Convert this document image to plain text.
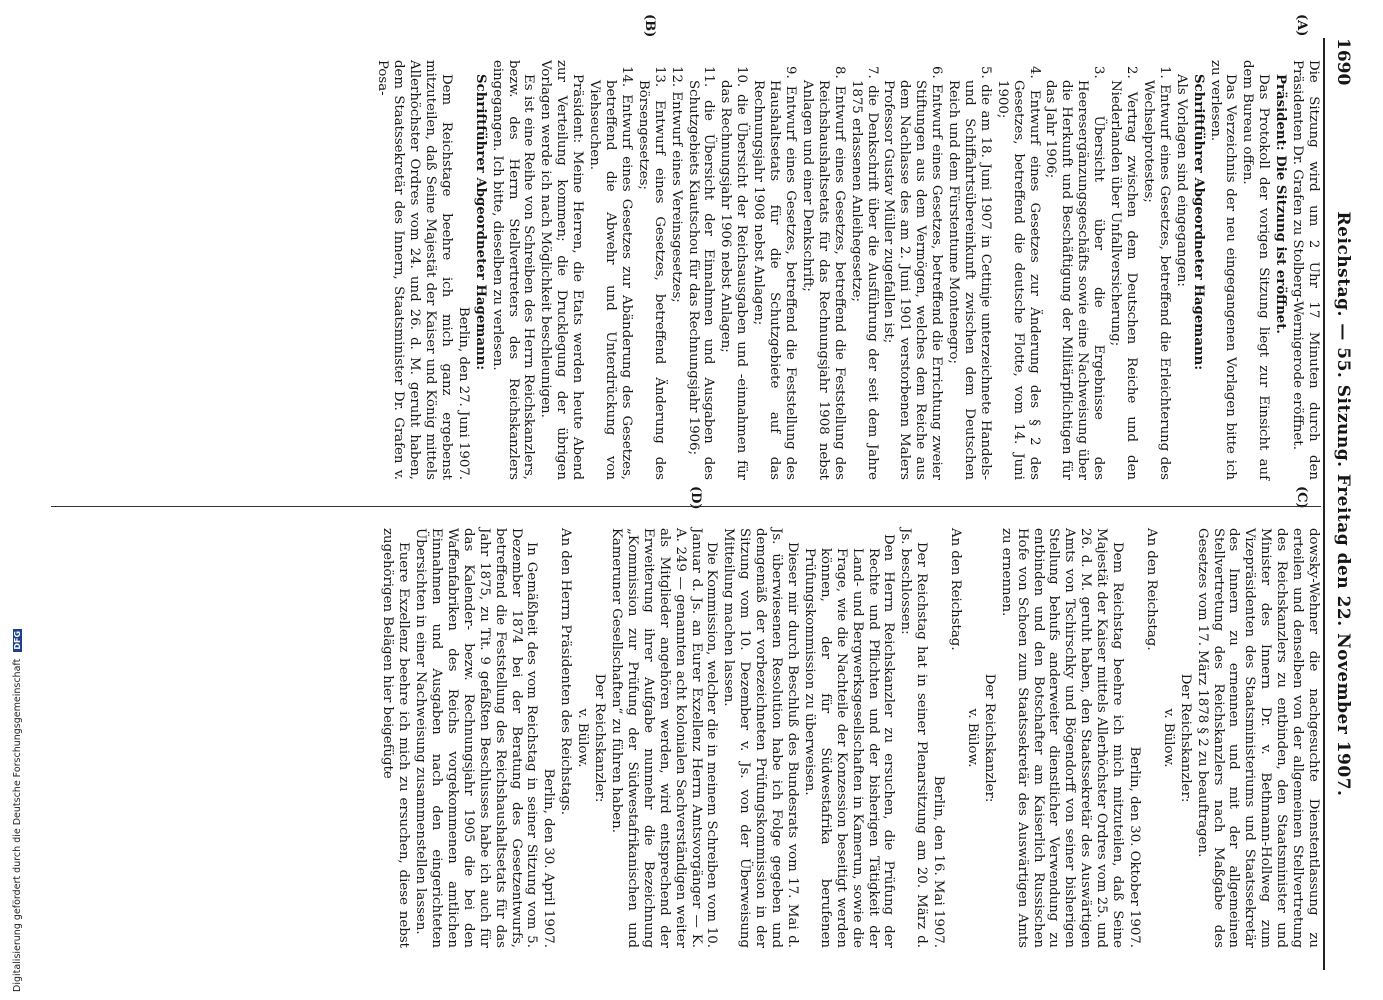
1690
Reichstag. — 55. Sitzung. Freitag den 22. November 1907.
(A)
(B)
(C)
(D)

Die Sitzung wird um 2 Uhr 17 Minuten durch den Präsidenten Dr. Grafen zu Stolberg-Wernigerode eröffnet.

Präsident: Die Sitzung ist eröffnet.

Das Protokoll der vorigen Sitzung liegt zur Einsicht auf dem Bureau offen.

Das Verzeichnis der neu eingegangenen Vorlagen bitte ich zu verlesen.

Schriftführer Abgeordneter Hagemann:

Als Vorlagen sind eingegangen:

1. Entwurf eines Gesetzes, betreffend die Erleichterung des Wechselprotestes;

2. Vertrag zwischen dem Deutschen Reiche und den Niederlanden über Unfallversicherung;

3. Übersicht über die Ergebnisse des Heeresergänzungsgeschäfts sowie eine Nachweisung über die Herkunft und Beschäftigung der Militärpflichtigen für das Jahr 1906;

4. Entwurf eines Gesetzes zur Änderung des § 2 des Gesetzes, betreffend die deutsche Flotte, vom 14. Juni 1900;

5. die am 18. Juni 1907 in Cettinje unterzeichnete Handels- und Schiffahrtsübereinkunft zwischen dem Deutschen Reich und dem Fürstentume Montenegro;

6. Entwurf eines Gesetzes, betreffend die Errichtung zweier Stiftungen aus dem Vermögen, welches dem Reiche aus dem Nachlasse des am 2. Juni 1901 verstorbenen Malers Professor Gustav Müller zugefallen ist;

7. die Denkschrift über die Ausführung der seit dem Jahre 1875 erlassenen Anleihegesetze;

8. Entwurf eines Gesetzes, betreffend die Feststellung des Reichshaushaltsetats für das Rechnungsjahr 1908 nebst Anlagen und einer Denkschrift;

9. Entwurf eines Gesetzes, betreffend die Feststellung des Haushaltsetats für die Schutzgebiete auf das Rechnungsjahr 1908 nebst Anlagen;

10. die Übersicht der Reichsausgaben und -einnahmen für das Rechnungsjahr 1906 nebst Anlagen;

11. die Übersicht der Einnahmen und Ausgaben des Schutzgebiets Kiautschou für das Rechnungsjahr 1906;

12. Entwurf eines Vereinsgesetzes;

13. Entwurf eines Gesetzes, betreffend Änderung des Börsengesetzes;

14. Entwurf eines Gesetzes zur Abänderung des Gesetzes, betreffend die Abwehr und Unterdrückung von Viehseuchen.

Präsident: Meine Herren, die Etats werden heute Abend zur Verteilung kommen; die Drucklegung der übrigen Vorlagen werde ich nach Möglichkeit beschleunigen.

Es ist eine Reihe von Schreiben des Herrn Reichskanzlers, bezw. des Herrn Stellvertreters des Reichskanzlers eingegangen. Ich bitte, dieselben zu verlesen.

Schriftführer Abgeordneter Hagemann:

Berlin, den 27. Juni 1907.

Dem Reichstage beehre ich mich ganz ergebenst mitzuteilen, daß Seine Majestät der Kaiser und König mittels Allerhöchster Ordres vom 24. und 26. d. M. geruht haben, dem Staatssekretär des Innern, Staatsminister Dr. Grafen v. Posa-

dowsky-Wehner die nachgesuchte Dienstentlassung zu erteilen und denselben von der allgemeinen Stellvertretung des Reichskanzlers zu entbinden, den Staatsminister und Minister des Innern Dr. v. Bethmann-Hollweg zum Vizepräsidenten des Staatsministeriums und Staatssekretär des Innern zu ernennen und mit der allgemeinen Stellvertretung des Reichskanzlers nach Maßgabe des Gesetzes vom 17. März 1878 § 2 zu beauftragen.

Der Reichskanzler:

v. Bülow.

An den Reichstag.

Berlin, den 30. Oktober 1907.

Dem Reichstag beehre ich mich mitzuteilen, daß Seine Majestät der Kaiser mittels Allerhöchster Ordres vom 25. und 26. d. M. geruht haben, den Staatssekretär des Auswärtigen Amts von Tschirschky und Bögendorff von seiner bisherigen Stellung behufs anderweiter dienstlicher Verwendung zu entbinden und den Botschafter am Kaiserlich Russischen Hofe von Schoen zum Staatssekretär des Auswärtigen Amts zu ernennen.

Der Reichskanzler:

v. Bülow.

An den Reichstag.

Berlin, den 16. Mai 1907.

Der Reichstag hat in seiner Plenarsitzung am 20. März d. Js. beschlossen:

Den Herrn Reichskanzler zu ersuchen, die Prüfung der Rechte und Pflichten und der bisherigen Tätigkeit der Land- und Bergwerksgesellschaften in Kamerun, sowie die Frage, wie die Nachteile der Konzession beseitigt werden können, der für Südwestafrika berufenen Prüfungskommission zu überweisen.

Dieser mir durch Beschluß des Bundesrats vom 17. Mai d. Js. überwiesenen Resolution habe ich Folge gegeben und demgemäß der vorbezeichneten Prüfungskommission in der Sitzung vom 10. Dezember v. Js. von der Überweisung Mitteilung machen lassen.

Die Kommission, welcher die in meinem Schreiben vom 10. Januar d. Js. an Eurer Exzellenz Herrn Amtsvorgänger — K. A. 249 — genannten acht kolonialen Sachverständigen weiter als Mitglieder angehören werden, wird entsprechend der Erweiterung ihrer Aufgabe nunmehr die Bezeichnung „Kommission zur Prüfung der Südwestafrikanischen und Kameruner Gesellschaften“ zu führen haben.

Der Reichskanzler:

v. Bülow.

An den Herrn Präsidenten des Reichstags.

Berlin, den 30. April 1907.

In Gemäßheit des vom Reichstag in seiner Sitzung vom 5. Dezember 1874 bei der Beratung des Gesetzentwurfs, betreffend die Feststellung des Reichshaushaltsetats für das Jahr 1875, zu Tit. 9 gefaßten Beschlusses habe ich auch für das Kalender- bezw. Rechnungsjahr 1905 die bei den Waffenfabriken des Reichs vorgekommenen amtlichen Einnahmen und Ausgaben nach den eingerichteten Übersichten in einer Nachweisung zusammenstellen lassen.

Euere Exzellenz beehre ich mich zu ersuchen, diese nebst zugehörigen Belägen hier beigefügte

Digitalisierung gefördert durch die Deutsche Forschungsgemeinschaft DFG
